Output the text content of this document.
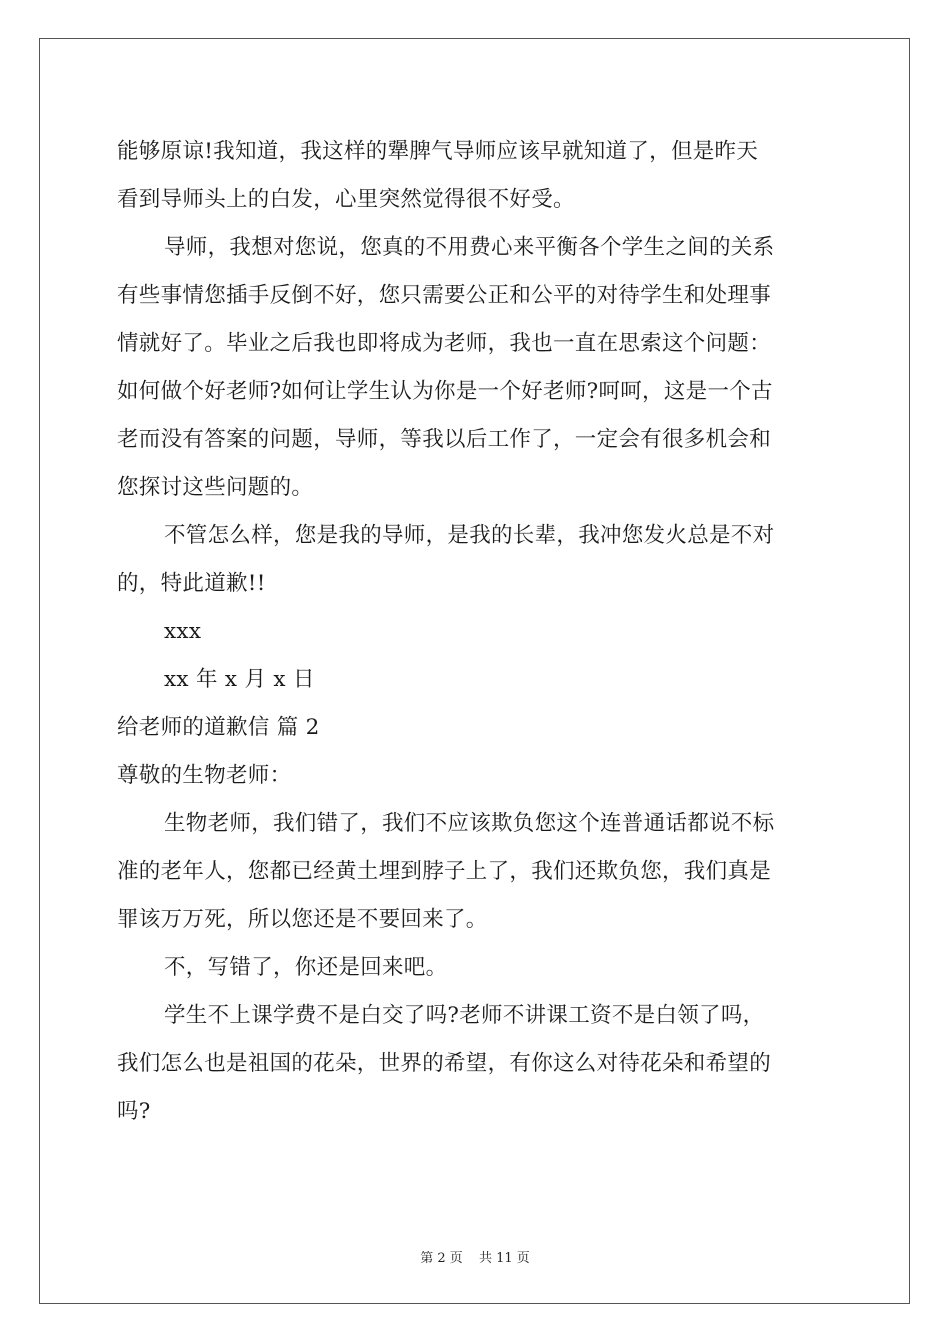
能够原谅!我知道，我这样的犟脾气导师应该早就知道了，但是昨天
看到导师头上的白发，心里突然觉得很不好受。
导师，我想对您说，您真的不用费心来平衡各个学生之间的关系
有些事情您插手反倒不好，您只需要公正和公平的对待学生和处理事
情就好了。毕业之后我也即将成为老师，我也一直在思索这个问题：
如何做个好老师?如何让学生认为你是一个好老师?呵呵，这是一个古
老而没有答案的问题，导师，等我以后工作了，一定会有很多机会和
您探讨这些问题的。
不管怎么样，您是我的导师，是我的长辈，我冲您发火总是不对
的，特此道歉!!
xxx
xx 年 x 月 x 日
给老师的道歉信 篇 2
尊敬的生物老师：
生物老师，我们错了，我们不应该欺负您这个连普通话都说不标
准的老年人，您都已经黄土埋到脖子上了，我们还欺负您，我们真是
罪该万万死，所以您还是不要回来了。
不，写错了，你还是回来吧。
学生不上课学费不是白交了吗?老师不讲课工资不是白领了吗，
我们怎么也是祖国的花朵，世界的希望，有你这么对待花朵和希望的
吗?
第 2 页 共 11 页
